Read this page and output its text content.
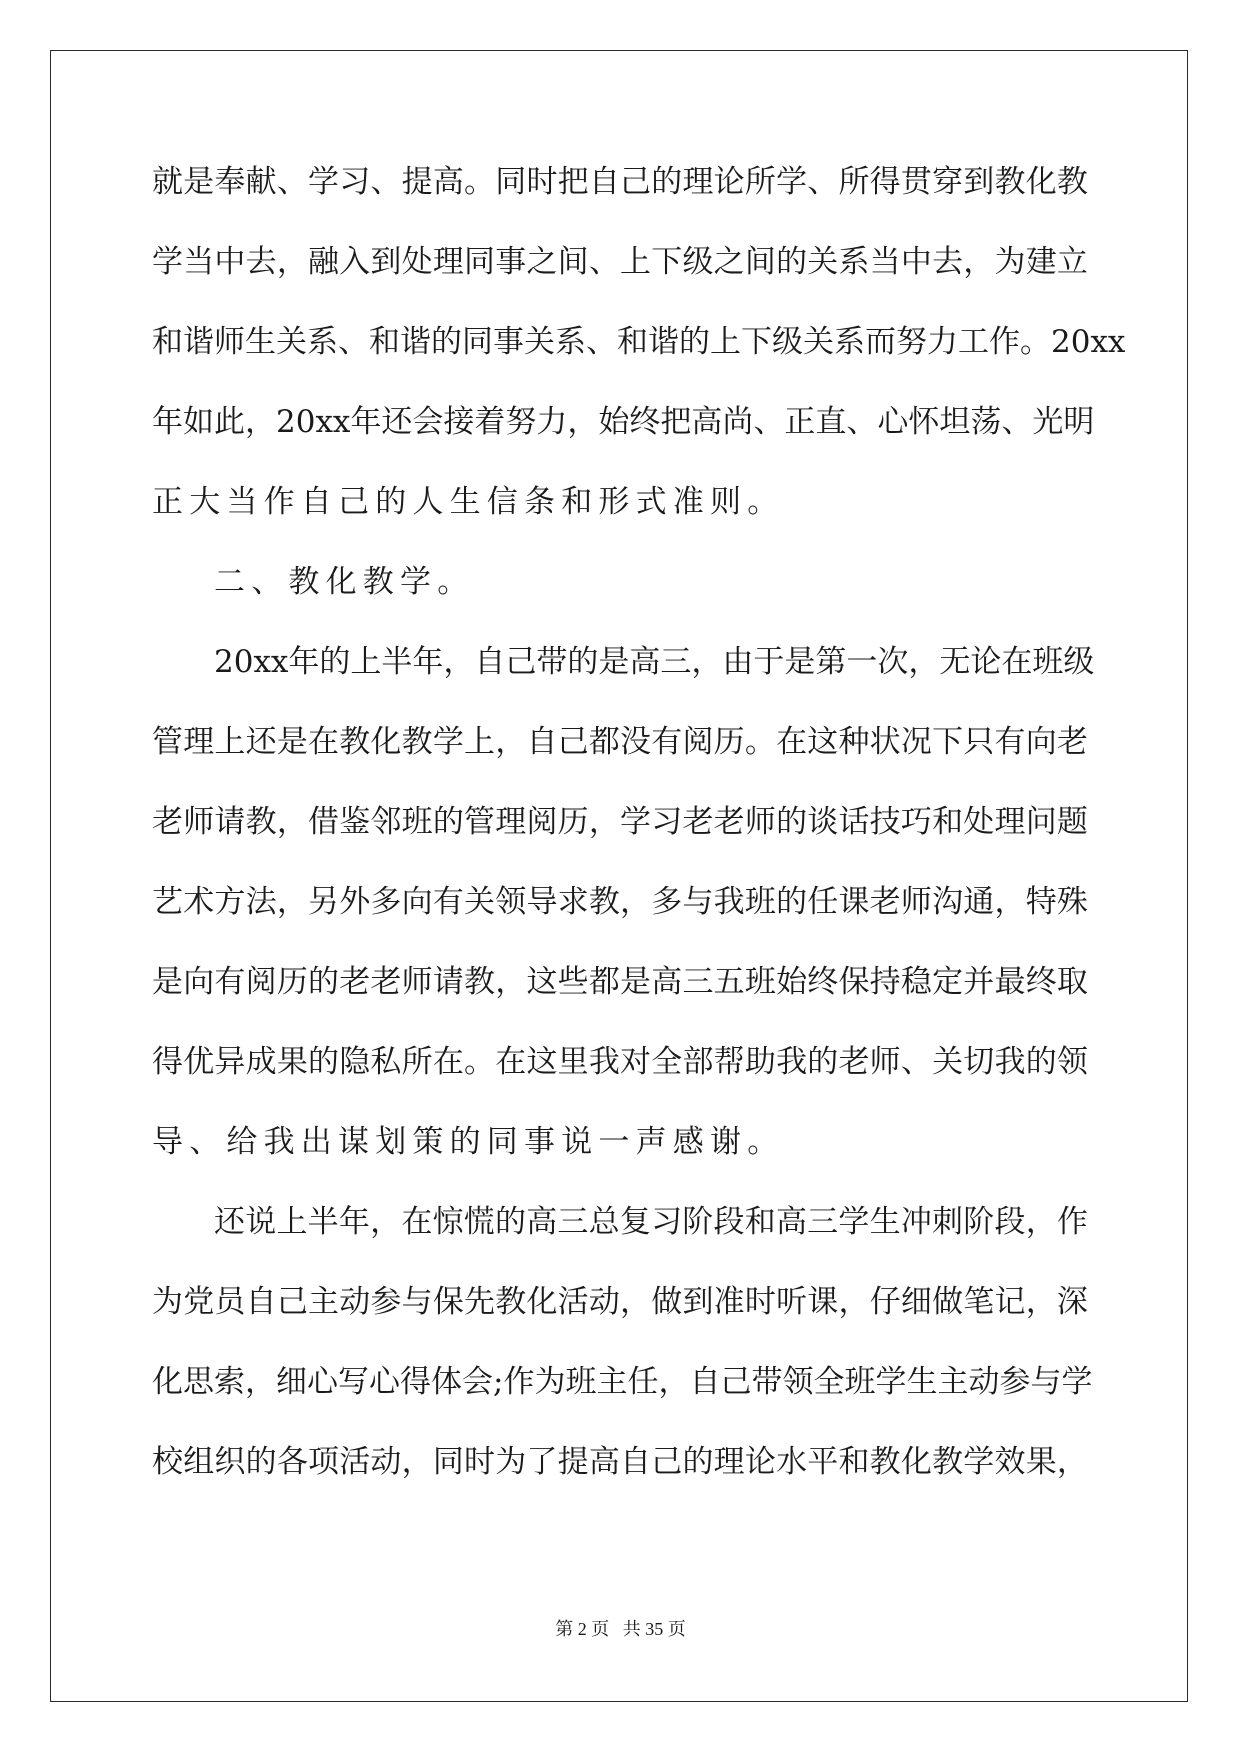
就 是 奉 献 、 学 习 、 提 高 。 同 时 把 自 己 的 理 论 所 学 、 所 得 贯 穿 到 教 化 教
学 当 中 去 ， 融 入 到 处 理 同 事 之 间 、 上 下 级 之 间 的 关 系 当 中 去 ， 为 建 立
和 谐 师 生 关 系 、 和 谐 的 同 事 关 系 、 和 谐 的 上 下 级 关 系 而 努 力 工 作 。 20xx
年 如 此 ， 20xx 年 还 会 接 着 努 力 ， 始 终 把 高 尚 、 正 直 、 心 怀 坦 荡 、 光 明
正大当作自己的人生信条和形式准则。
二、教化教学。
20xx 年 的 上 半 年 ， 自 己 带 的 是 高 三 ， 由 于 是 第 一 次 ， 无 论 在 班 级
管 理 上 还 是 在 教 化 教 学 上 ， 自 己 都 没 有 阅 历 。 在 这 种 状 况 下 只 有 向 老
老 师 请 教 ， 借 鉴 邻 班 的 管 理 阅 历 ， 学 习 老 老 师 的 谈 话 技 巧 和 处 理 问 题
艺 术 方 法 ， 另 外 多 向 有 关 领 导 求 教 ， 多 与 我 班 的 任 课 老 师 沟 通 ， 特 殊
是 向 有 阅 历 的 老 老 师 请 教 ， 这 些 都 是 高 三 五 班 始 终 保 持 稳 定 并 最 终 取
得 优 异 成 果 的 隐 私 所 在 。 在 这 里 我 对 全 部 帮 助 我 的 老 师 、 关 切 我 的 领
导、给我出谋划策的同事说一声感谢。
还 说 上 半 年 ， 在 惊 慌 的 高 三 总 复 习 阶 段 和 高 三 学 生 冲 刺 阶 段 ， 作
为 党 员 自 己 主 动 参 与 保 先 教 化 活 动 ， 做 到 准 时 听 课 ， 仔 细 做 笔 记 ， 深
化 思 索 ， 细 心 写 心 得 体 会 ; 作 为 班 主 任 ， 自 己 带 领 全 班 学 生 主 动 参 与 学
校 组 织 的 各 项 活 动 ， 同 时 为 了 提 高 自 己 的 理 论 水 平 和 教 化 教 学 效 果 ，
第 2 页   共 35 页
